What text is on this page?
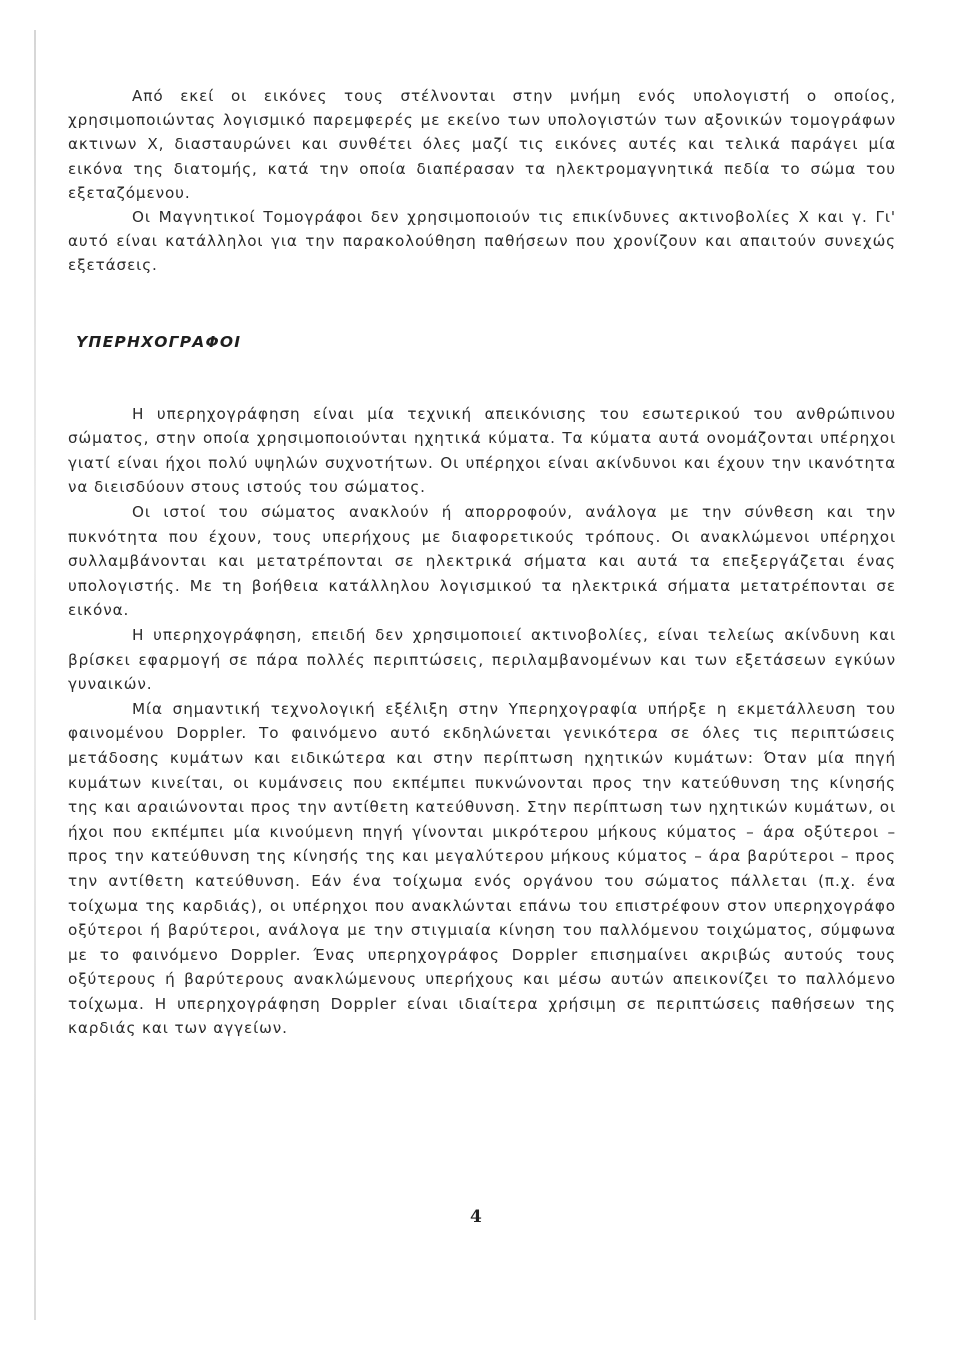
Από εκεί οι εικόνες τους στέλνονται στην μνήμη ενός υπολογιστή ο οποίος, χρησιμοποιώντας λογισμικό παρεμφερές με εκείνο των υπολογιστών των αξονικών τομογράφων ακτινων Χ, διασταυρώνει και συνθέτει όλες μαζί τις εικόνες αυτές και τελικά παράγει μία εικόνα της διατομής, κατά την οποία διαπέρασαν τα ηλεκτρομαγνητικά πεδία το σώμα του εξεταζόμενου.

Οι Μαγνητικοί Τομογράφοι δεν χρησιμοποιούν τις επικίνδυνες ακτινοβολίες Χ και γ. Γι' αυτό είναι κατάλληλοι για την παρακολούθηση παθήσεων που χρονίζουν και απαιτούν συνεχώς εξετάσεις.

ΥΠΕΡΗΧΟΓΡΑΦΟΙ

Η υπερηχογράφηση είναι μία τεχνική απεικόνισης του εσωτερικού του ανθρώπινου σώματος, στην οποία χρησιμοποιούνται ηχητικά κύματα. Τα κύματα αυτά ονομάζονται υπέρηχοι γιατί είναι ήχοι πολύ υψηλών συχνοτήτων. Οι υπέρηχοι είναι ακίνδυνοι και έχουν την ικανότητα να διεισδύουν στους ιστούς του σώματος.

Οι ιστοί του σώματος ανακλούν ή απορροφούν, ανάλογα με την σύνθεση και την πυκνότητα που έχουν, τους υπερήχους με διαφορετικούς τρόπους. Οι ανακλώμενοι υπέρηχοι συλλαμβάνονται και μετατρέπονται σε ηλεκτρικά σήματα και αυτά τα επεξεργάζεται ένας υπολογιστής. Με τη βοήθεια κατάλληλου λογισμικού τα ηλεκτρικά σήματα μετατρέπονται σε εικόνα.

Η υπερηχογράφηση, επειδή δεν χρησιμοποιεί ακτινοβολίες, είναι τελείως ακίνδυνη και βρίσκει εφαρμογή σε πάρα πολλές περιπτώσεις, περιλαμβανομένων και των εξετάσεων εγκύων γυναικών.

Μία σημαντική τεχνολογική εξέλιξη στην Υπερηχογραφία υπήρξε η εκμετάλλευση του φαινομένου Doppler. Το φαινόμενο αυτό εκδηλώνεται γενικότερα σε όλες τις περιπτώσεις μετάδοσης κυμάτων και ειδικώτερα και στην περίπτωση ηχητικών κυμάτων: Όταν μία πηγή κυμάτων κινείται, οι κυμάνσεις που εκπέμπει πυκνώνονται προς την κατεύθυνση της κίνησής της και αραιώνονται προς την αντίθετη κατεύθυνση. Στην περίπτωση των ηχητικών κυμάτων, οι ήχοι που εκπέμπει μία κινούμενη πηγή γίνονται μικρότερου μήκους κύματος – άρα οξύτεροι – προς την κατεύθυνση της κίνησής της και μεγαλύτερου μήκους κύματος – άρα βαρύτεροι – προς την αντίθετη κατεύθυνση. Εάν ένα τοίχωμα ενός οργάνου του σώματος πάλλεται (π.χ. ένα τοίχωμα της καρδιάς), οι υπέρηχοι που ανακλώνται επάνω του επιστρέφουν στον υπερηχογράφο οξύτεροι ή βαρύτεροι, ανάλογα με την στιγμιαία κίνηση του παλλόμενου τοιχώματος, σύμφωνα με το φαινόμενο Doppler. Ένας υπερηχογράφος Doppler επισημαίνει ακριβώς αυτούς τους οξύτερους ή βαρύτερους ανακλώμενους υπερήχους και μέσω αυτών απεικονίζει το παλλόμενο τοίχωμα. Η υπερηχογράφηση Doppler είναι ιδιαίτερα χρήσιμη σε περιπτώσεις παθήσεων της καρδιάς και των αγγείων.

4
